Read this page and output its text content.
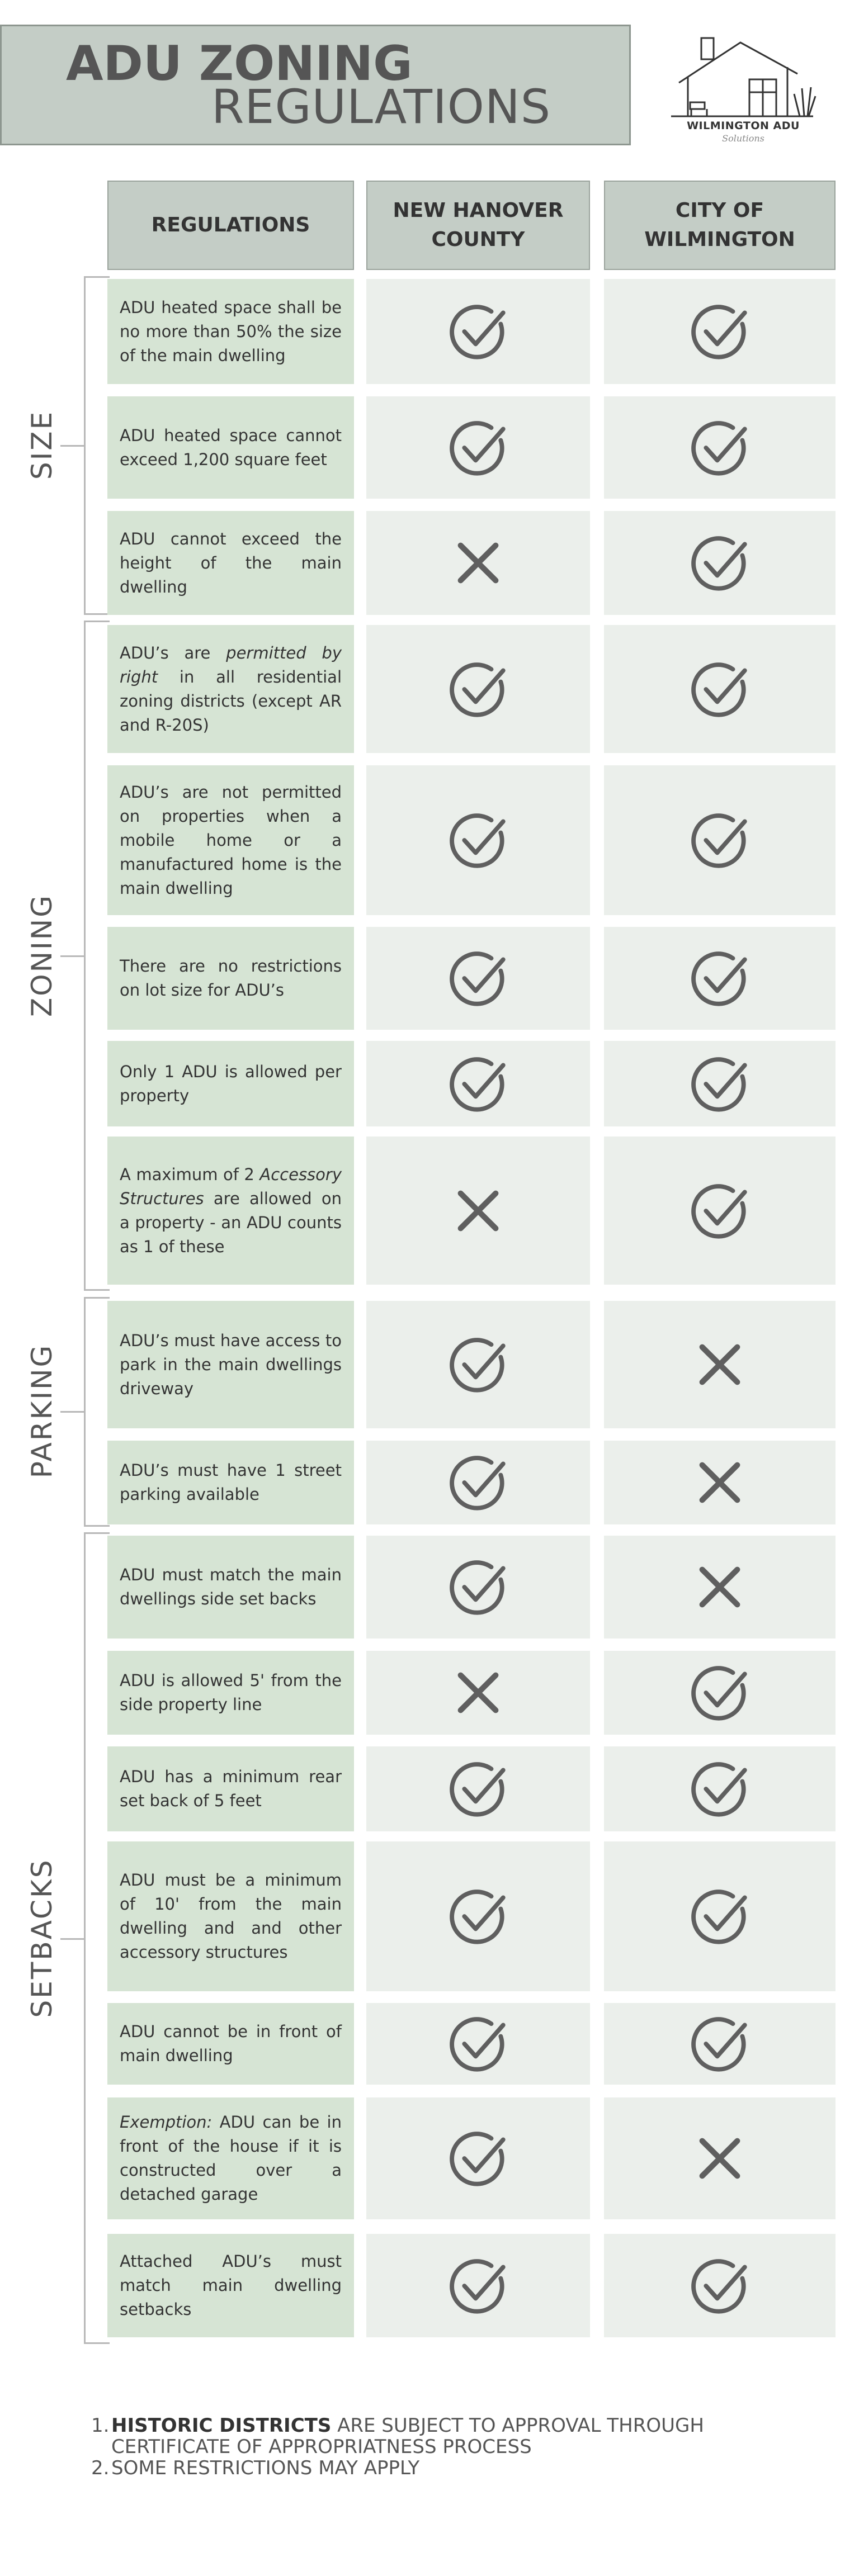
ADU ZONING
REGULATIONS	WILMINGTON ADU
Solutions
REGULATIONS
NEW HANOVER
COUNTY
CITY OF
WILMINGTON
SIZE
ZONING
PARKING
SETBACKS
ADU heated space shall be no more than 50% the size of the main dwelling
ADU heated space cannot exceed 1,200 square feet
ADU cannot exceed the height of the main dwelling
ADU’s are permitted by right in all residential zoning districts (except AR and R-20S)
ADU’s are not permitted on properties when a mobile home or a manufactured home is the main dwelling
There are no restrictions on lot size for ADU’s
Only 1 ADU is allowed per property
A maximum of 2 Accessory Structures are allowed on a property - an ADU counts as 1 of these
ADU’s must have access to park in the main dwellings driveway
ADU’s must have 1 street parking available
ADU must match the main dwellings side set backs
ADU is allowed 5' from the side property line
ADU has a minimum rear set back of 5 feet
ADU must be a minimum of 10' from the main dwelling and and other accessory structures
ADU cannot be in front of main dwelling
Exemption: ADU can be in front of the house if it is constructed over a detached garage
Attached ADU’s must match main dwelling setbacks
1. HISTORIC DISTRICTS ARE SUBJECT TO APPROVAL THROUGH CERTIFICATE OF APPROPRIATNESS PROCESS
2. SOME RESTRICTIONS MAY APPLY
